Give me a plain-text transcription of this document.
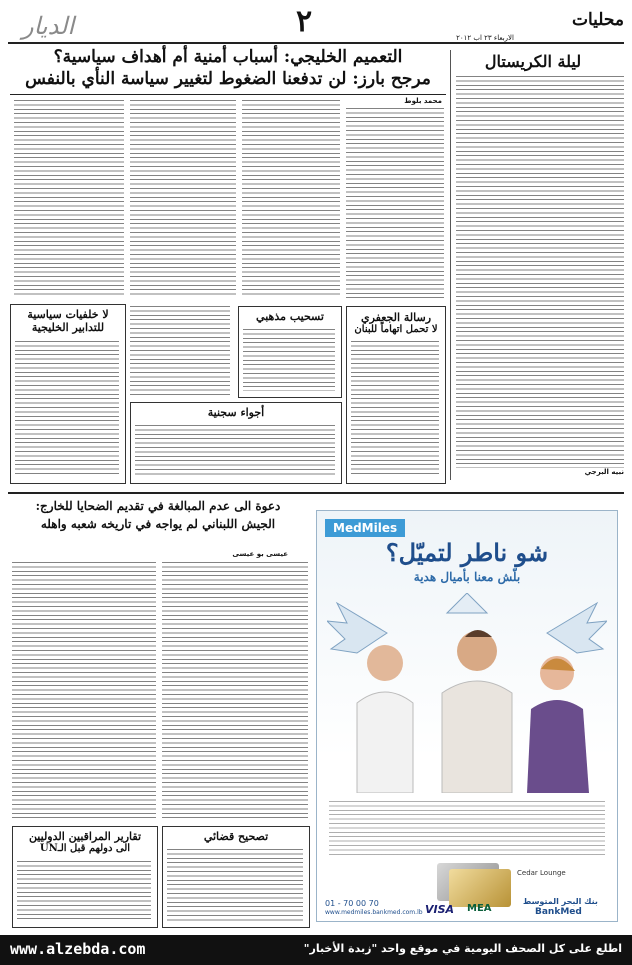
محليات
٢	الاربعاء ٢٣ اب ٢٠١٢
الديار
ليلة الكريستال
نبيه البرجي
التعميم الخليجي: أسباب أمنية أم أهداف سياسية؟
مرجح بارز: لن تدفعنا الضغوط لتغيير سياسة النأي بالنفس
محمد بلوط
رسالة الجعفري
لا تحمل اتهاماً للبنان
تسحيب مذهبي
أجواء سجنية
لا خلفيات سياسية
للتدابير الخليجية
دعوة الى عدم المبالغة في تقديم الضحايا للخارج:
الجيش اللبناني لم يواجه في تاريخه شعبه واهله
عيسى بو عيسى
تصحيح قضائي
تقارير المراقبين الدوليين
الى دولهم قبل الـUN
MedMiles
شو ناطر لتميّل؟
بلّش معنا بأميال هدية
Cedar Lounge
بنك البحر المتوسط
BankMed
MEA
VISA
01 - 70 00 70
www.medmiles.bankmed.com.lb
www.alzebda.com	اطلع على كل الصحف اليومية في موقع واحد "زبدة الأخبار"
